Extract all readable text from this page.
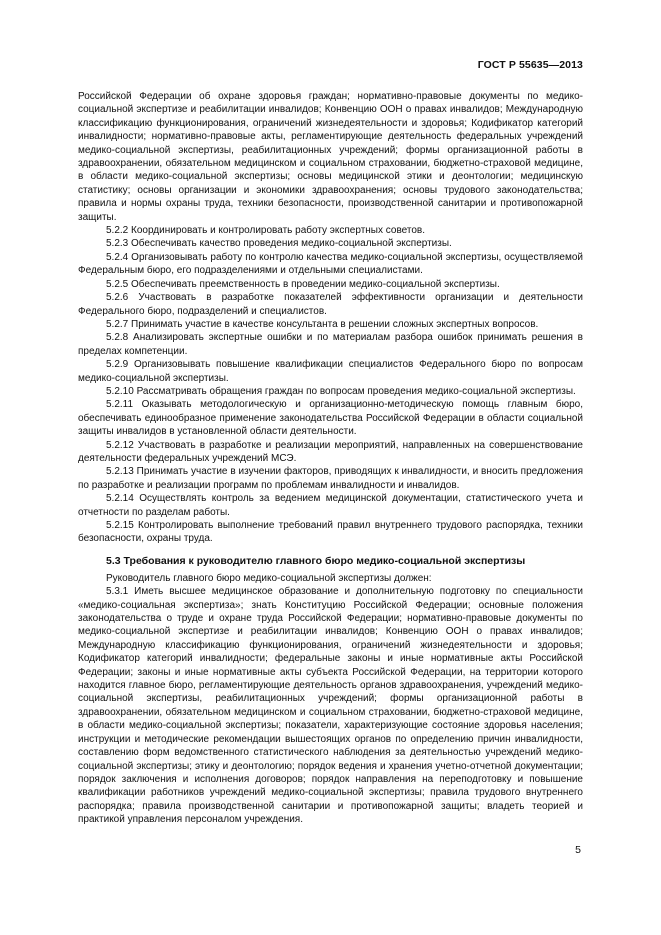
ГОСТ Р 55635—2013

Российской Федерации об охране здоровья граждан; нормативно-правовые документы по медико-социальной экспертизе и реабилитации инвалидов; Конвенцию ООН о правах инвалидов; Международную классификацию функционирования, ограничений жизнедеятельности и здоровья; Кодификатор категорий инвалидности; нормативно-правовые акты, регламентирующие деятельность федеральных учреждений медико-социальной экспертизы, реабилитационных учреждений; формы организационной работы в здравоохранении, обязательном медицинском и социальном страховании, бюджетно-страховой медицине, в области медико-социальной экспертизы; основы медицинской этики и деонтологии; медицинскую статистику; основы организации и экономики здравоохранения; основы трудового законодательства; правила и нормы охраны труда, техники безопасности, производственной санитарии и противопожарной защиты.

5.2.2 Координировать и контролировать работу экспертных советов.

5.2.3 Обеспечивать качество проведения медико-социальной экспертизы.

5.2.4 Организовывать работу по контролю качества медико-социальной экспертизы, осуществляемой Федеральным бюро, его подразделениями и отдельными специалистами.

5.2.5 Обеспечивать преемственность в проведении медико-социальной экспертизы.

5.2.6 Участвовать в разработке показателей эффективности организации и деятельности Федерального бюро, подразделений и специалистов.

5.2.7 Принимать участие в качестве консультанта в решении сложных экспертных вопросов.

5.2.8 Анализировать экспертные ошибки и по материалам разбора ошибок принимать решения в пределах компетенции.

5.2.9 Организовывать повышение квалификации специалистов Федерального бюро по вопросам медико-социальной экспертизы.

5.2.10 Рассматривать обращения граждан по вопросам проведения медико-социальной экспертизы.

5.2.11 Оказывать методологическую и организационно-методическую помощь главным бюро, обеспечивать единообразное применение законодательства Российской Федерации в области социальной защиты инвалидов в установленной области деятельности.

5.2.12 Участвовать в разработке и реализации мероприятий, направленных на совершенствование деятельности федеральных учреждений МСЭ.

5.2.13 Принимать участие в изучении факторов, приводящих к инвалидности, и вносить предложения по разработке и реализации программ по проблемам инвалидности и инвалидов.

5.2.14 Осуществлять контроль за ведением медицинской документации, статистического учета и отчетности по разделам работы.

5.2.15 Контролировать выполнение требований правил внутреннего трудового распорядка, техники безопасности, охраны труда.

5.3 Требования к руководителю главного бюро медико-социальной экспертизы

Руководитель главного бюро медико-социальной экспертизы должен:

5.3.1 Иметь высшее медицинское образование и дополнительную подготовку по специальности «медико-социальная экспертиза»; знать Конституцию Российской Федерации; основные положения законодательства о труде и охране труда Российской Федерации; нормативно-правовые документы по медико-социальной экспертизе и реабилитации инвалидов; Конвенцию ООН о правах инвалидов; Международную классификацию функционирования, ограничений жизнедеятельности и здоровья; Кодификатор категорий инвалидности; федеральные законы и иные нормативные акты Российской Федерации; законы и иные нормативные акты субъекта Российской Федерации, на территории которого находится главное бюро, регламентирующие деятельность органов здравоохранения, учреждений медико-социальной экспертизы, реабилитационных учреждений; формы организационной работы в здравоохранении, обязательном медицинском и социальном страховании, бюджетно-страховой медицине, в области медико-социальной экспертизы; показатели, характеризующие состояние здоровья населения; инструкции и методические рекомендации вышестоящих органов по определению причин инвалидности, составлению форм ведомственного статистического наблюдения за деятельностью учреждений медико-социальной экспертизы; этику и деонтологию; порядок ведения и хранения учетно-отчетной документации; порядок заключения и исполнения договоров; порядок направления на переподготовку и повышение квалификации работников учреждений медико-социальной экспертизы; правила трудового внутреннего распорядка; правила производственной санитарии и противопожарной защиты; владеть теорией и практикой управления персоналом учреждения.

5
